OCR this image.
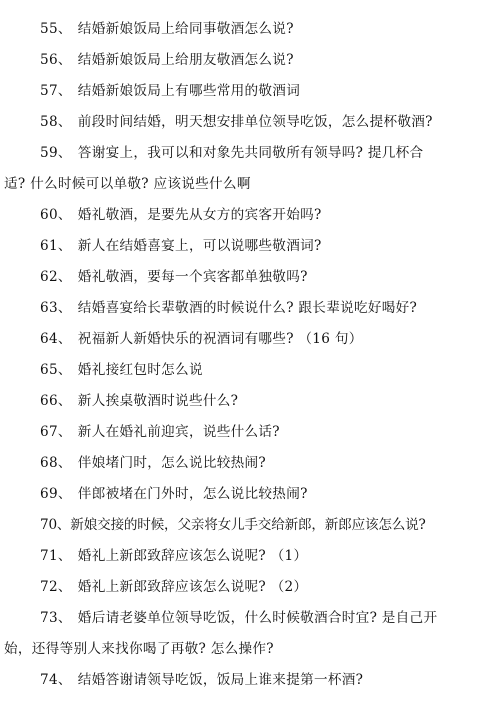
55、 结婚新娘饭局上给同事敬酒怎么说?
56、 结婚新娘饭局上给朋友敬酒怎么说?
57、 结婚新娘饭局上有哪些常用的敬酒词
58、 前段时间结婚，明天想安排单位领导吃饭，怎么提杯敬酒?
59、 答谢宴上，我可以和对象先共同敬所有领导吗? 提几杯合
适? 什么时候可以单敬? 应该说些什么啊
60、 婚礼敬酒，是要先从女方的宾客开始吗?
61、 新人在结婚喜宴上，可以说哪些敬酒词?
62、 婚礼敬酒，要每一个宾客都单独敬吗?
63、 结婚喜宴给长辈敬酒的时候说什么? 跟长辈说吃好喝好?
64、 祝福新人新婚快乐的祝酒词有哪些? （16 句）
65、 婚礼接红包时怎么说
66、 新人挨桌敬酒时说些什么?
67、 新人在婚礼前迎宾，说些什么话?
68、 伴娘堵门时，怎么说比较热闹?
69、 伴郎被堵在门外时，怎么说比较热闹?
70、新娘交接的时候，父亲将女儿手交给新郎，新郎应该怎么说?
71、 婚礼上新郎致辞应该怎么说呢? （1）
72、 婚礼上新郎致辞应该怎么说呢? （2）
73、 婚后请老婆单位领导吃饭，什么时候敬酒合时宜? 是自己开
始，还得等别人来找你喝了再敬? 怎么操作?
74、 结婚答谢请领导吃饭，饭局上谁来提第一杯酒?
